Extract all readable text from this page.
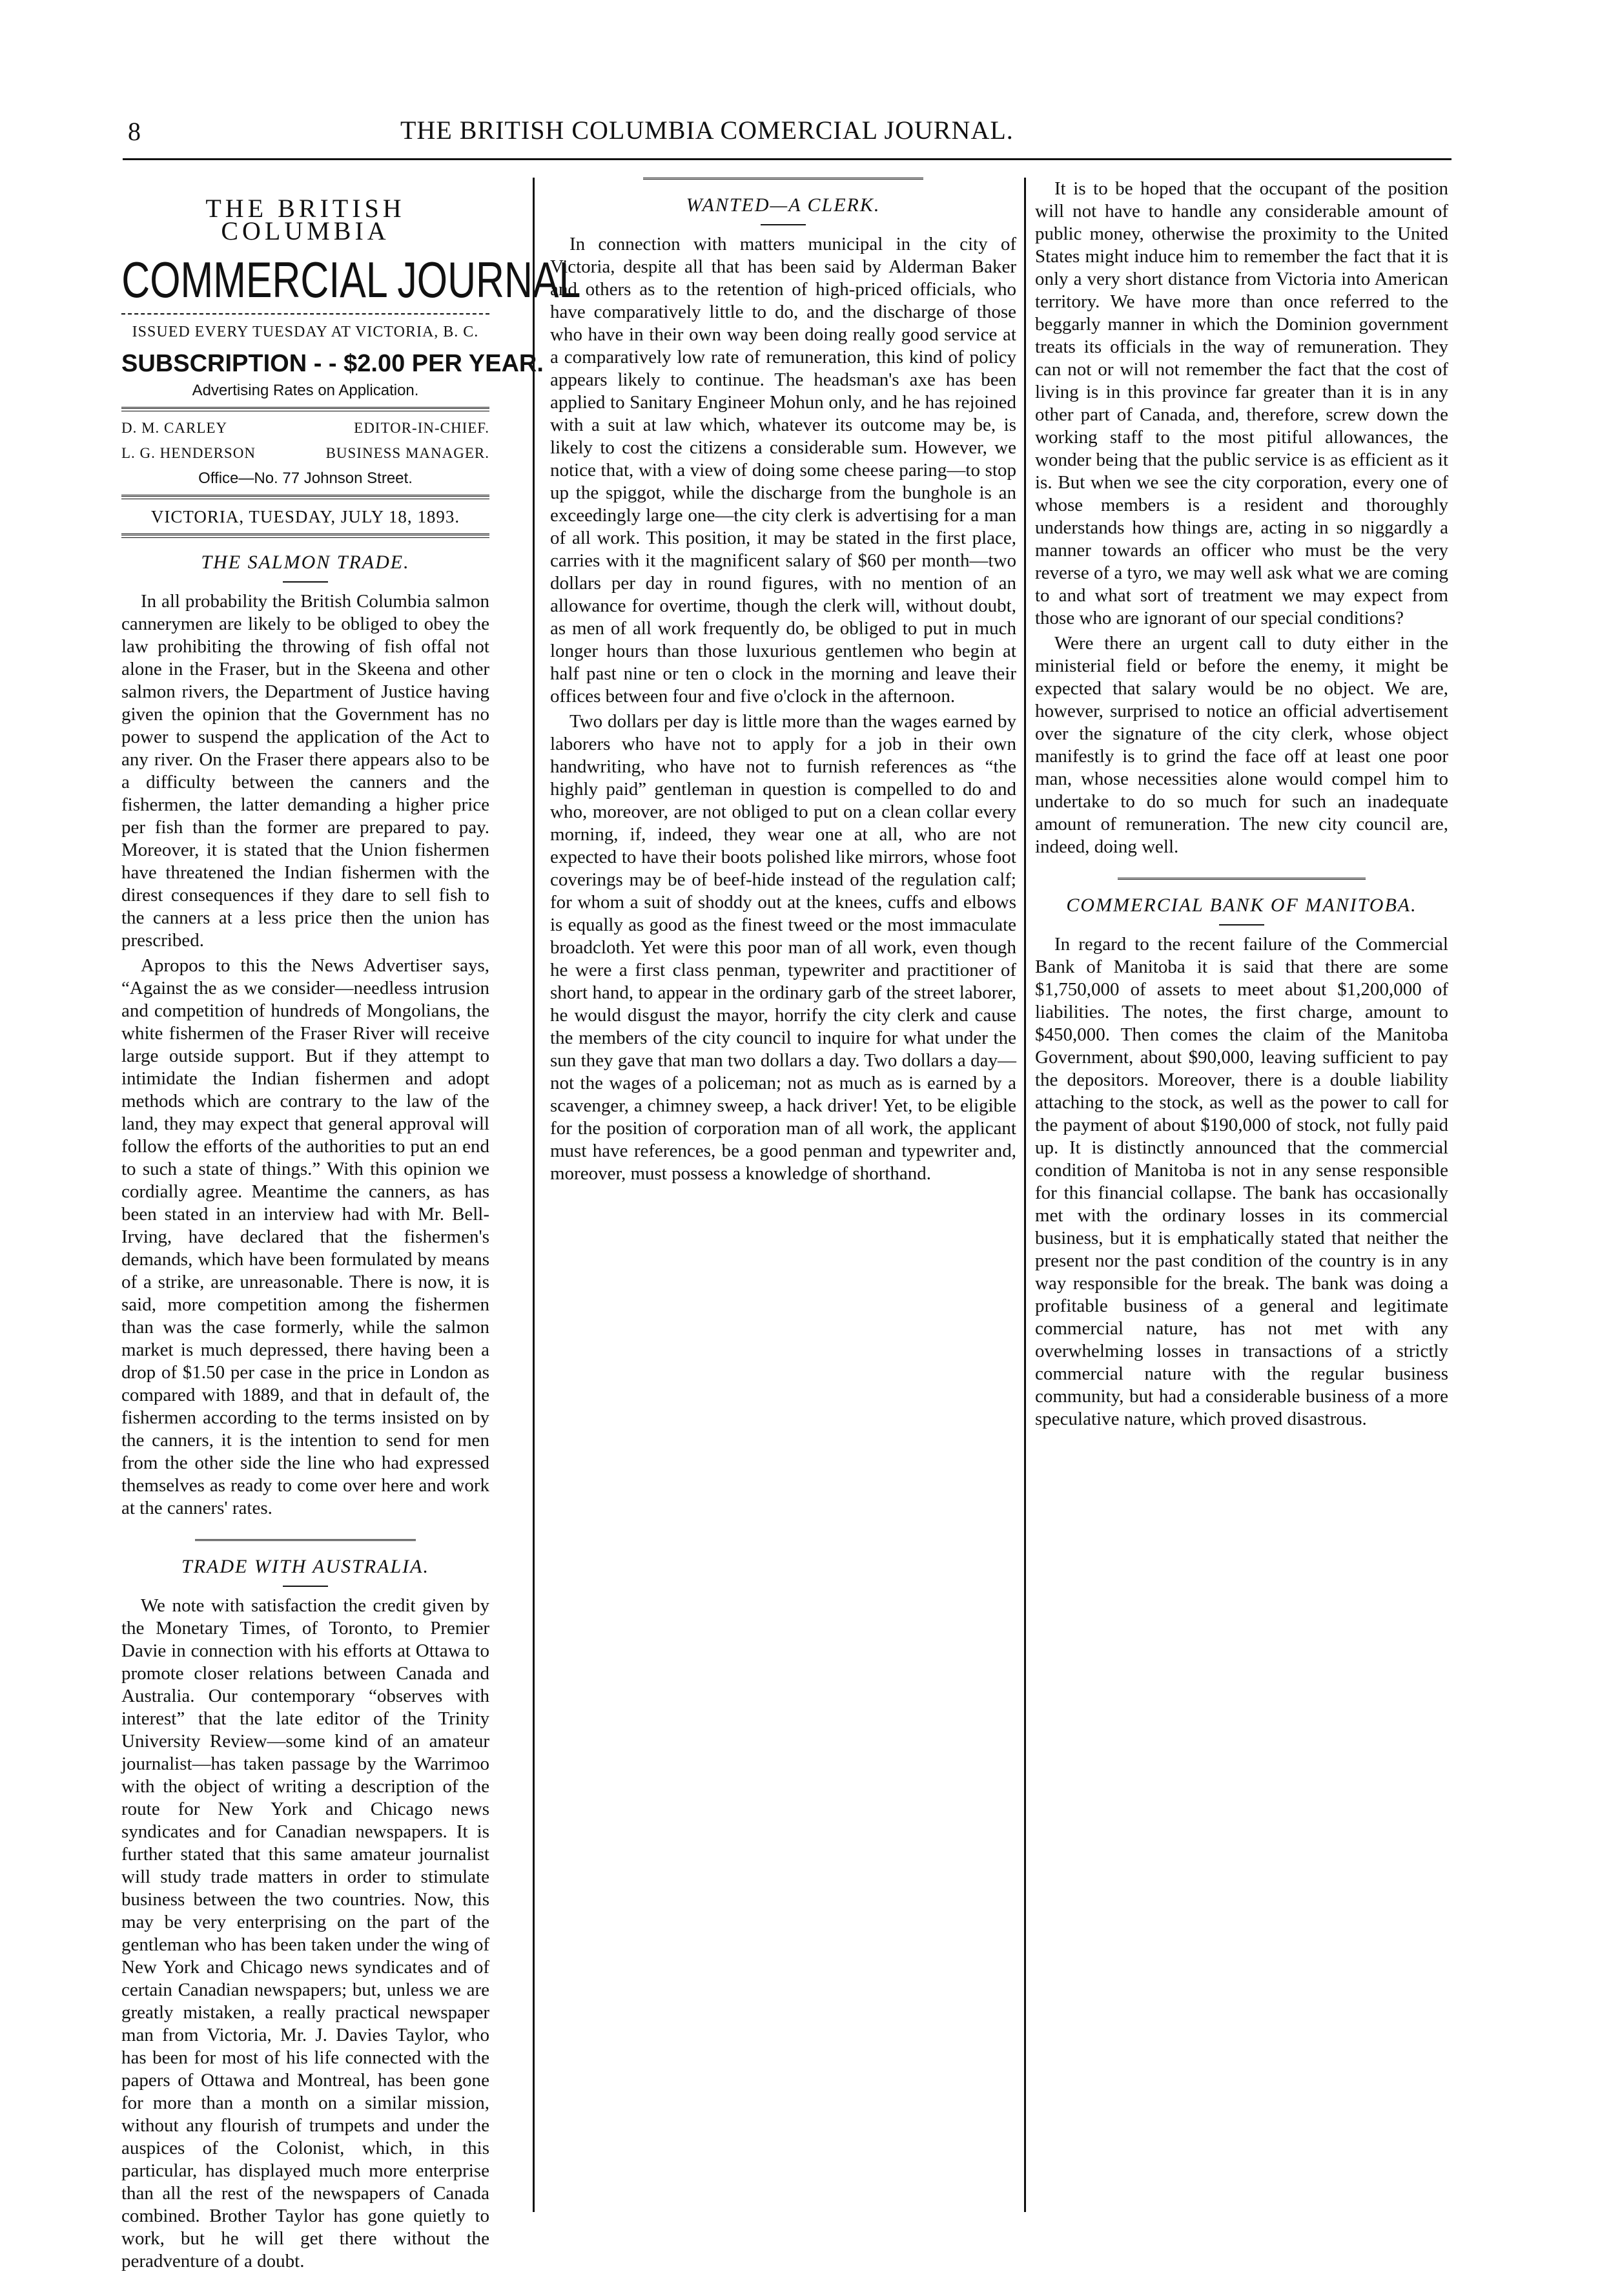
8	THE BRITISH COLUMBIA COMERCIAL JOURNAL.
THE BRITISH COLUMBIA
COMMERCIAL JOURNAL
ISSUED EVERY TUESDAY AT VICTORIA, B. C.
SUBSCRIPTION - - $2.00 PER YEAR.
Advertising Rates on Application.
D. M. CARLEY	EDITOR-IN-CHIEF.
L. G. HENDERSON	BUSINESS MANAGER.
Office—No. 77 Johnson Street.
VICTORIA, TUESDAY, JULY 18, 1893.
THE SALMON TRADE.

In all probability the British Columbia salmon cannerymen are likely to be obliged to obey the law prohibiting the throwing of fish offal not alone in the Fraser, but in the Skeena and other salmon rivers, the Department of Justice having given the opinion that the Government has no power to suspend the application of the Act to any river. On the Fraser there appears also to be a difficulty between the canners and the fishermen, the latter demanding a higher price per fish than the former are prepared to pay. Moreover, it is stated that the Union fishermen have threatened the Indian fishermen with the direst consequences if they dare to sell fish to the canners at a less price then the union has prescribed.

Apropos to this the News Advertiser says, “Against the as we consider—needless intrusion and competition of hundreds of Mongolians, the white fishermen of the Fraser River will receive large outside support. But if they attempt to intimidate the Indian fishermen and adopt methods which are contrary to the law of the land, they may expect that general approval will follow the efforts of the authorities to put an end to such a state of things.” With this opinion we cordially agree. Meantime the canners, as has been stated in an interview had with Mr. Bell-Irving, have declared that the fishermen's demands, which have been formulated by means of a strike, are unreasonable. There is now, it is said, more competition among the fishermen than was the case formerly, while the salmon market is much depressed, there having been a drop of $1.50 per case in the price in London as compared with 1889, and that in default of, the fishermen according to the terms insisted on by the canners, it is the intention to send for men from the other side the line who had expressed themselves as ready to come over here and work at the canners' rates.

TRADE WITH AUSTRALIA.

We note with satisfaction the credit given by the Monetary Times, of Toronto, to Premier Davie in connection with his efforts at Ottawa to promote closer relations between Canada and Australia. Our contemporary “observes with interest” that the late editor of the Trinity University Review—some kind of an amateur journalist—has taken passage by the Warrimoo with the object of writing a description of the route for New York and Chicago news syndicates and for Canadian newspapers. It is further stated that this same amateur journalist will study trade matters in order to stimulate business between the two countries. Now, this may be very enterprising on the part of the gentleman who has been taken under the wing of New York and Chicago news syndicates and of certain Canadian newspapers; but, unless we are greatly mistaken, a really practical newspaper man from Victoria, Mr. J. Davies Taylor, who has been for most of his life connected with the papers of Ottawa and Montreal, has been gone for more than a month on a similar mission, without any flourish of trumpets and under the auspices of the Colonist, which, in this particular, has displayed much more enterprise than all the rest of the newspapers of Canada combined. Brother Taylor has gone quietly to work, but he will get there without the peradventure of a doubt.

WANTED—A CLERK.

In connection with matters municipal in the city of Victoria, despite all that has been said by Alderman Baker and others as to the retention of high-priced officials, who have comparatively little to do, and the discharge of those who have in their own way been doing really good service at a comparatively low rate of remuneration, this kind of policy appears likely to continue. The headsman's axe has been applied to Sanitary Engineer Mohun only, and he has rejoined with a suit at law which, whatever its outcome may be, is likely to cost the citizens a considerable sum. However, we notice that, with a view of doing some cheese paring—to stop up the spiggot, while the discharge from the bunghole is an exceedingly large one—the city clerk is advertising for a man of all work. This position, it may be stated in the first place, carries with it the magnificent salary of $60 per month—two dollars per day in round figures, with no mention of an allowance for overtime, though the clerk will, without doubt, as men of all work frequently do, be obliged to put in much longer hours than those luxurious gentlemen who begin at half past nine or ten o clock in the morning and leave their offices between four and five o'clock in the afternoon.

Two dollars per day is little more than the wages earned by laborers who have not to apply for a job in their own handwriting, who have not to furnish references as “the highly paid” gentleman in question is compelled to do and who, moreover, are not obliged to put on a clean collar every morning, if, indeed, they wear one at all, who are not expected to have their boots polished like mirrors, whose foot coverings may be of beef-hide instead of the regulation calf; for whom a suit of shoddy out at the knees, cuffs and elbows is equally as good as the finest tweed or the most immaculate broadcloth. Yet were this poor man of all work, even though he were a first class penman, typewriter and practitioner of short hand, to appear in the ordinary garb of the street laborer, he would disgust the mayor, horrify the city clerk and cause the members of the city council to inquire for what under the sun they gave that man two dollars a day. Two dollars a day—not the wages of a policeman; not as much as is earned by a scavenger, a chimney sweep, a hack driver! Yet, to be eligible for the position of corporation man of all work, the applicant must have references, be a good penman and typewriter and, moreover, must possess a knowledge of shorthand.

It is to be hoped that the occupant of the position will not have to handle any considerable amount of public money, otherwise the proximity to the United States might induce him to remember the fact that it is only a very short distance from Victoria into American territory. We have more than once referred to the beggarly manner in which the Dominion government treats its officials in the way of remuneration. They can not or will not remember the fact that the cost of living is in this province far greater than it is in any other part of Canada, and, therefore, screw down the working staff to the most pitiful allowances, the wonder being that the public service is as efficient as it is. But when we see the city corporation, every one of whose members is a resident and thoroughly understands how things are, acting in so niggardly a manner towards an officer who must be the very reverse of a tyro, we may well ask what we are coming to and what sort of treatment we may expect from those who are ignorant of our special conditions?

Were there an urgent call to duty either in the ministerial field or before the enemy, it might be expected that salary would be no object. We are, however, surprised to notice an official advertisement over the signature of the city clerk, whose object manifestly is to grind the face off at least one poor man, whose necessities alone would compel him to undertake to do so much for such an inadequate amount of remuneration. The new city council are, indeed, doing well.

COMMERCIAL BANK OF MANITOBA.

In regard to the recent failure of the Commercial Bank of Manitoba it is said that there are some $1,750,000 of assets to meet about $1,200,000 of liabilities. The notes, the first charge, amount to $450,000. Then comes the claim of the Manitoba Government, about $90,000, leaving sufficient to pay the depositors. Moreover, there is a double liability attaching to the stock, as well as the power to call for the payment of about $190,000 of stock, not fully paid up. It is distinctly announced that the commercial condition of Manitoba is not in any sense responsible for this financial collapse. The bank has occasionally met with the ordinary losses in its commercial business, but it is emphatically stated that neither the present nor the past condition of the country is in any way responsible for the break. The bank was doing a profitable business of a general and legitimate commercial nature, has not met with any overwhelming losses in transactions of a strictly commercial nature with the regular business community, but had a considerable business of a more speculative nature, which proved disastrous.
